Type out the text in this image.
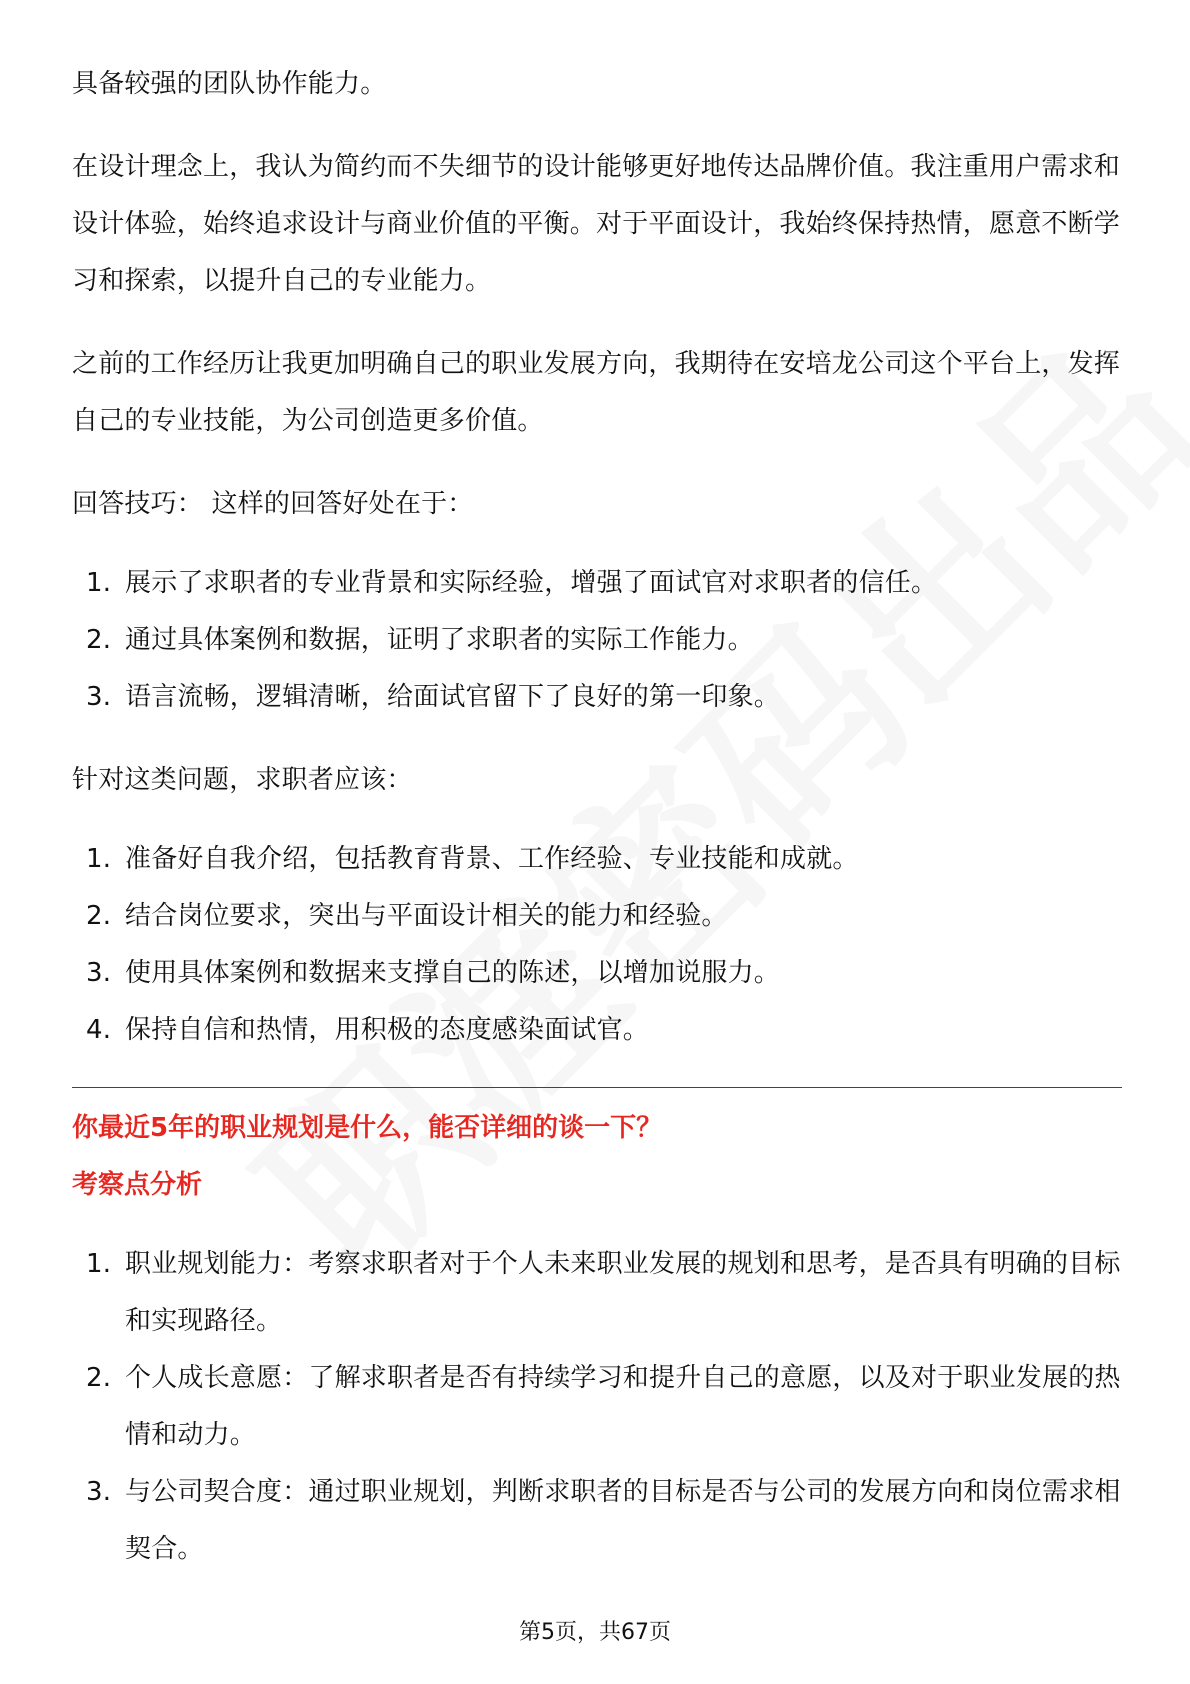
具备较强的团队协作能力。

在设计理念上，我认为简约而不失细节的设计能够更好地传达品牌价值。我注重用户需求和设计体验，始终追求设计与商业价值的平衡。对于平面设计，我始终保持热情，愿意不断学习和探索，以提升自己的专业能力。

之前的工作经历让我更加明确自己的职业发展方向，我期待在安培龙公司这个平台上，发挥自己的专业技能，为公司创造更多价值。

回答技巧： 这样的回答好处在于：

1. 展示了求职者的专业背景和实际经验，增强了面试官对求职者的信任。
2. 通过具体案例和数据，证明了求职者的实际工作能力。
3. 语言流畅，逻辑清晰，给面试官留下了良好的第一印象。

针对这类问题，求职者应该：

1. 准备好自我介绍，包括教育背景、工作经验、专业技能和成就。
2. 结合岗位要求，突出与平面设计相关的能力和经验。
3. 使用具体案例和数据来支撑自己的陈述，以增加说服力。
4. 保持自信和热情，用积极的态度感染面试官。

你最近5年的职业规划是什么，能否详细的谈一下？

考察点分析

1. 职业规划能力：考察求职者对于个人未来职业发展的规划和思考，是否具有明确的目标和实现路径。
2. 个人成长意愿：了解求职者是否有持续学习和提升自己的意愿，以及对于职业发展的热情和动力。
3. 与公司契合度：通过职业规划，判断求职者的目标是否与公司的发展方向和岗位需求相契合。
第5页，共67页
